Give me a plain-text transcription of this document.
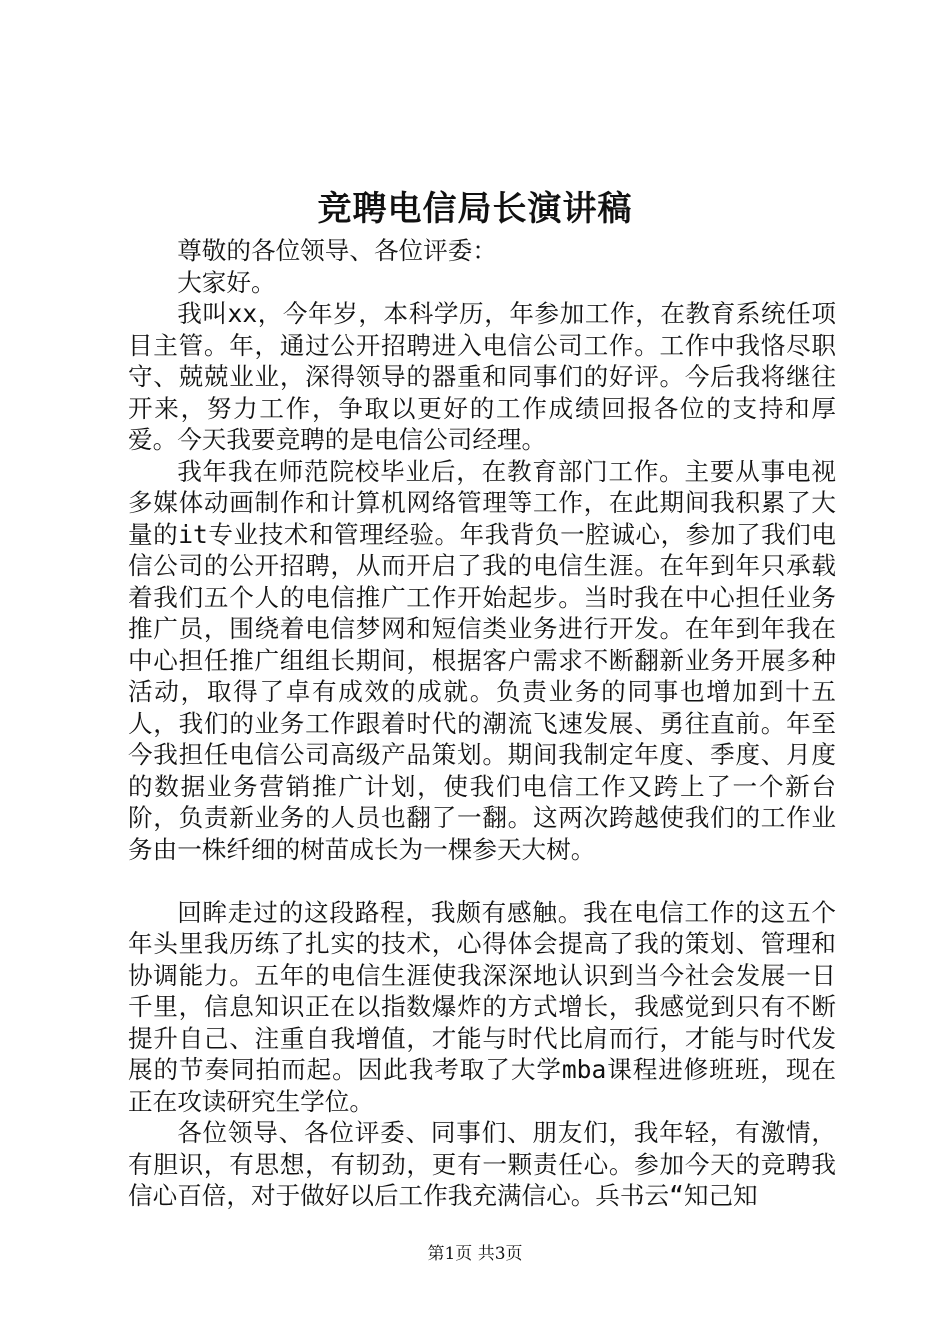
竞聘电信局长演讲稿

尊敬的各位领导、各位评委：

大家好。

我叫xx，今年岁，本科学历，年参加工作，在教育系统任项目主管。年，通过公开招聘进入电信公司工作。工作中我恪尽职守、兢兢业业，深得领导的器重和同事们的好评。今后我将继往开来，努力工作，争取以更好的工作成绩回报各位的支持和厚爱。今天我要竞聘的是电信公司经理。

我年我在师范院校毕业后，在教育部门工作。主要从事电视多媒体动画制作和计算机网络管理等工作，在此期间我积累了大量的it专业技术和管理经验。年我背负一腔诚心，参加了我们电信公司的公开招聘，从而开启了我的电信生涯。在年到年只承载着我们五个人的电信推广工作开始起步。当时我在中心担任业务推广员，围绕着电信梦网和短信类业务进行开发。在年到年我在中心担任推广组组长期间，根据客户需求不断翻新业务开展多种活动，取得了卓有成效的成就。负责业务的同事也增加到十五人，我们的业务工作跟着时代的潮流飞速发展、勇往直前。年至今我担任电信公司高级产品策划。期间我制定年度、季度、月度的数据业务营销推广计划，使我们电信工作又跨上了一个新台阶，负责新业务的人员也翻了一翻。这两次跨越使我们的工作业务由一株纤细的树苗成长为一棵参天大树。

回眸走过的这段路程，我颇有感触。我在电信工作的这五个年头里我历练了扎实的技术，心得体会提高了我的策划、管理和协调能力。五年的电信生涯使我深深地认识到当今社会发展一日千里，信息知识正在以指数爆炸的方式增长，我感觉到只有不断提升自己、注重自我增值，才能与时代比肩而行，才能与时代发展的节奏同拍而起。因此我考取了大学mba课程进修班班，现在正在攻读研究生学位。

各位领导、各位评委、同事们、朋友们，我年轻，有激情，有胆识，有思想，有韧劲，更有一颗责任心。参加今天的竞聘我信心百倍，对于做好以后工作我充满信心。兵书云“知己知

第1页 共3页
